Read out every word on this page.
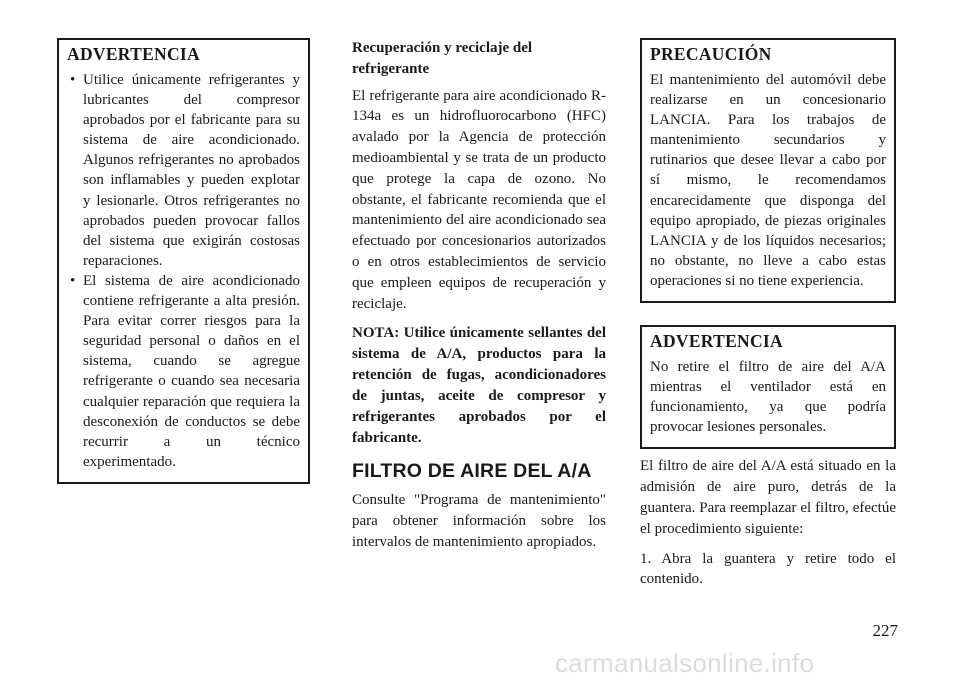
ADVERTENCIA
• Utilice únicamente refrigerantes y lubricantes del compresor aprobados por el fabricante para su sistema de aire acondicionado. Algunos refrigerantes no aprobados son inflamables y pueden explotar y lesionarle. Otros refrigerantes no aprobados pueden provocar fallos del sistema que exigirán costosas reparaciones.
• El sistema de aire acondicionado contiene refrigerante a alta presión. Para evitar correr riesgos para la seguridad personal o daños en el sistema, cuando se agregue refrigerante o cuando sea necesaria cualquier reparación que requiera la desconexión de conductos se debe recurrir a un técnico experimentado.

Recuperación y reciclaje del refrigerante

El refrigerante para aire acondicionado R-134a es un hidrofluorocarbono (HFC) avalado por la Agencia de protección medioambiental y se trata de un producto que protege la capa de ozono. No obstante, el fabricante recomienda que el mantenimiento del aire acondicionado sea efectuado por concesionarios autorizados o en otros establecimientos de servicio que empleen equipos de recuperación y reciclaje.

NOTA: Utilice únicamente sellantes del sistema de A/A, productos para la retención de fugas, acondicionadores de juntas, aceite de compresor y refrigerantes aprobados por el fabricante.

FILTRO DE AIRE DEL A/A

Consulte "Programa de mantenimiento" para obtener información sobre los intervalos de mantenimiento apropiados.

PRECAUCIÓN

El mantenimiento del automóvil debe realizarse en un concesionario LANCIA. Para los trabajos de mantenimiento secundarios y rutinarios que desee llevar a cabo por sí mismo, le recomendamos encarecidamente que disponga del equipo apropiado, de piezas originales LANCIA y de los líquidos necesarios; no obstante, no lleve a cabo estas operaciones si no tiene experiencia.

ADVERTENCIA

No retire el filtro de aire del A/A mientras el ventilador está en funcionamiento, ya que podría provocar lesiones personales.

El filtro de aire del A/A está situado en la admisión de aire puro, detrás de la guantera. Para reemplazar el filtro, efectúe el procedimiento siguiente:

1. Abra la guantera y retire todo el contenido.

227
carmanualsonline.info
